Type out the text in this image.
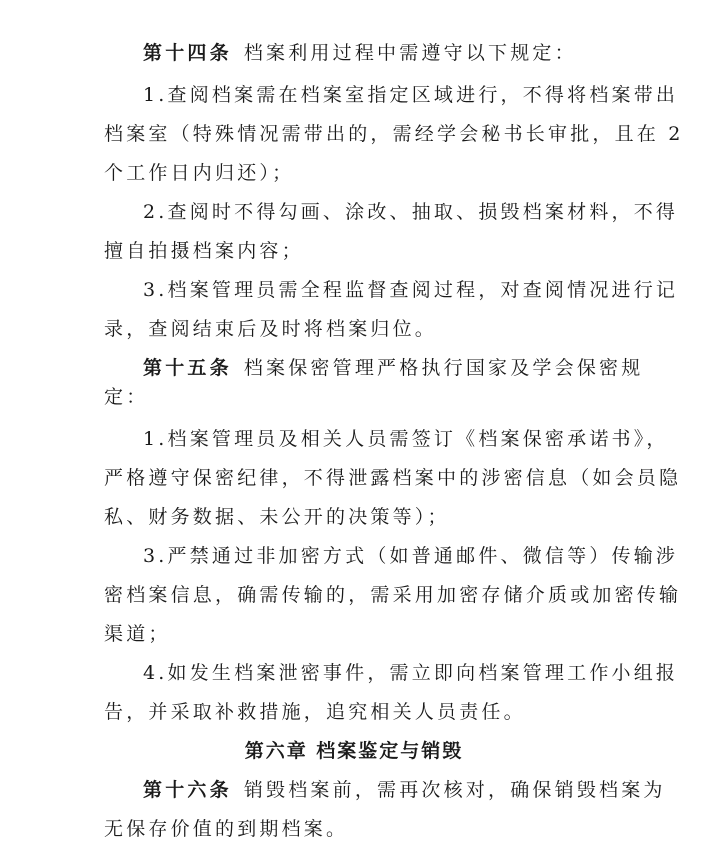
第十四条 档案利用过程中需遵守以下规定：
1.查阅档案需在档案室指定区域进行，不得将档案带出
档案室（特殊情况需带出的，需经学会秘书长审批，且在 2
个工作日内归还）；
2.查阅时不得勾画、涂改、抽取、损毁档案材料，不得
擅自拍摄档案内容；
3.档案管理员需全程监督查阅过程，对查阅情况进行记
录，查阅结束后及时将档案归位。
第十五条 档案保密管理严格执行国家及学会保密规
定：
1.档案管理员及相关人员需签订《档案保密承诺书》，
严格遵守保密纪律，不得泄露档案中的涉密信息（如会员隐
私、财务数据、未公开的决策等）；
3.严禁通过非加密方式（如普通邮件、微信等）传输涉
密档案信息，确需传输的，需采用加密存储介质或加密传输
渠道；
4.如发生档案泄密事件，需立即向档案管理工作小组报
告，并采取补救措施，追究相关人员责任。
第六章 档案鉴定与销毁
第十六条 销毁档案前，需再次核对，确保销毁档案为
无保存价值的到期档案。
